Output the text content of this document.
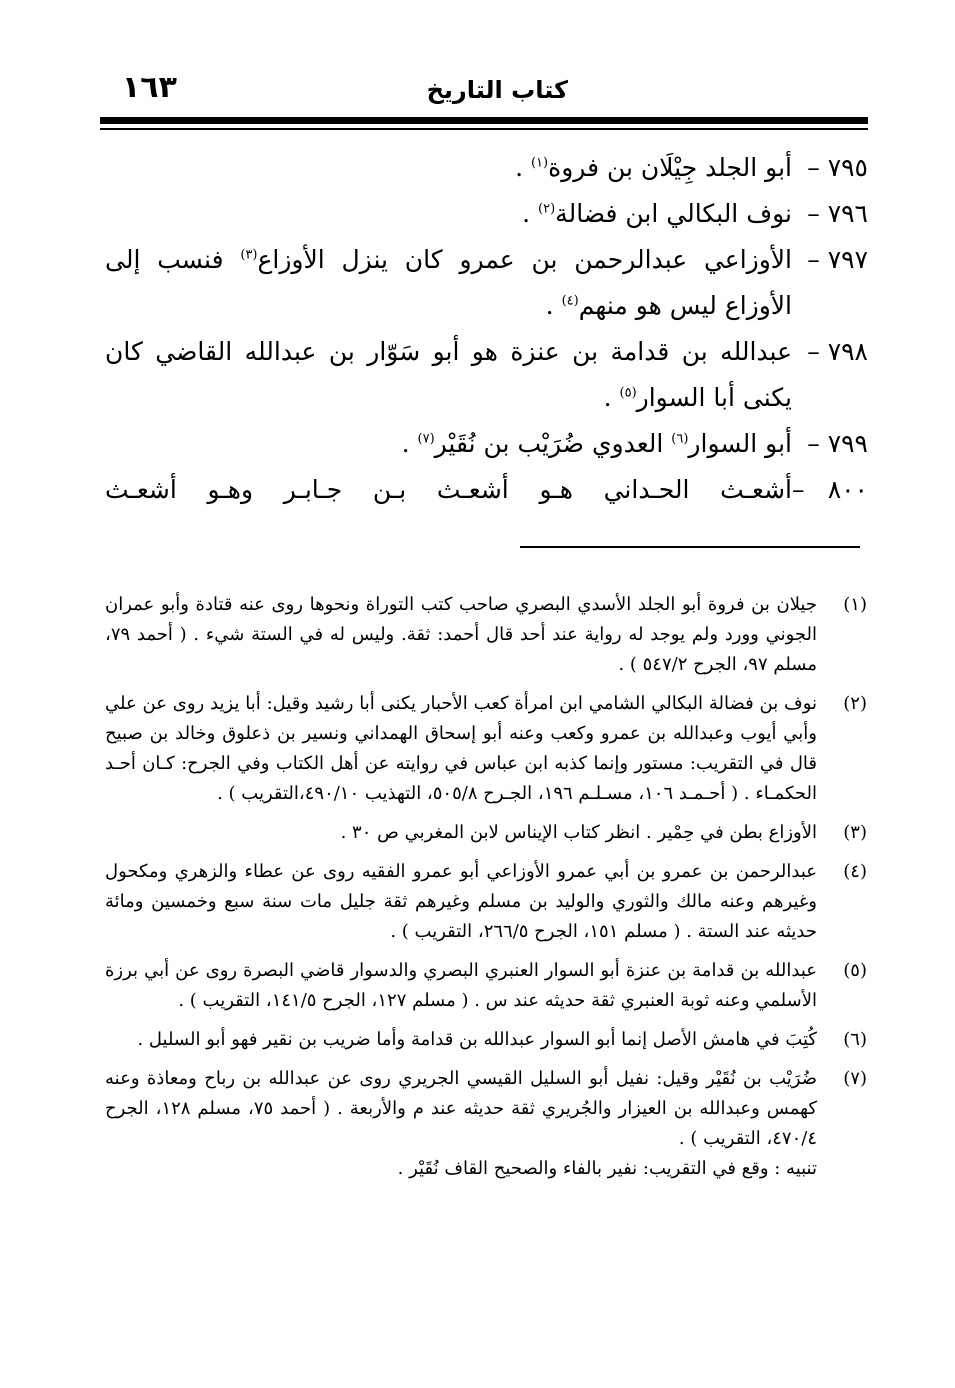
١٦٣	كتاب التاريخ
٧٩٥ –أبو الجلد جِيْلَان بن فروة$^{(١)}$ .
٧٩٦ –نوف البكالي ابن فضالة$^{(٢)}$ .
٧٩٧ –الأوزاعي عبدالرحمن بن عمرو كان ينزل الأوزاع$^{(٣)}$ فنسب إلى الأوزاع ليس هو منهم$^{(٤)}$ .
٧٩٨ –عبدالله بن قدامة بن عنزة هو أبو سَوّار بن عبدالله القاضي كان يكنى أبا السوار$^{(٥)}$ .
٧٩٩ –أبو السوار$^{(٦)}$ العدوي ضُرَيْب بن نُقَيْر$^{(٧)}$ .
٨٠٠ –أشعـث الحـداني هـو أشعـث بـن جـابـر وهـو أشعـث
(١)جيلان بن فروة أبو الجلد الأسدي البصري صاحب كتب التوراة ونحوها روى عنه قتادة وأبو عمران الجوني وورد ولم يوجد له رواية عند أحد قال أحمد: ثقة. وليس له في الستة شيء . ( أحمد ٧٩، مسلم ٩٧، الجرح ٥٤٧/٢ ) .
(٢)نوف بن فضالة البكالي الشامي ابن امرأة كعب الأحبار يكنى أبا رشيد وقيل: أبا يزيد روى عن علي وأبي أيوب وعبدالله بن عمرو وكعب وعنه أبو إسحاق الهمداني ونسير بن ذعلوق وخالد بن صبيح قال في التقريب: مستور وإنما كذبه ابن عباس في روايته عن أهل الكتاب وفي الجرح: كـان أحـد الحكمـاء . ( أحـمـد ١٠٦، مسـلـم ١٩٦، الجـرح ٥٠٥/٨، التهذيب ٤٩٠/١٠،التقريب ) .
(٣)الأوزاع بطن في حِمْير . انظر كتاب الإيناس لابن المغربي ص ٣٠ .
(٤)عبدالرحمن بن عمرو بن أبي عمرو الأوزاعي أبو عمرو الفقيه روى عن عطاء والزهري ومكحول وغيرهم وعنه مالك والثوري والوليد بن مسلم وغيرهم ثقة جليل مات سنة سبع وخمسين ومائة حديثه عند الستة . ( مسلم ١٥١، الجرح ٢٦٦/٥، التقريب ) .
(٥)عبدالله بن قدامة بن عنزة أبو السوار العنبري البصري والدسوار قاضي البصرة روى عن أبي برزة الأسلمي وعنه ثوبة العنبري ثقة حديثه عند س . ( مسلم ١٢٧، الجرح ١٤١/٥، التقريب ) .
(٦)كُتِبَ في هامش الأصل إنما أبو السوار عبدالله بن قدامة وأما ضريب بن نقير فهو أبو السليل .
(٧)ضُرَيْب بن نُقَيْر وقيل: نفيل أبو السليل القيسي الجريري روى عن عبدالله بن رباح ومعاذة وعنه كهمس وعبدالله بن العيزار والجُريري ثقة حديثه عند م والأربعة . ( أحمد ٧٥، مسلم ١٢٨، الجرح ٤٧٠/٤، التقريب ) .
تنبيه : وقع في التقريب: نفير بالفاء والصحيح القاف نُقَيْر .
